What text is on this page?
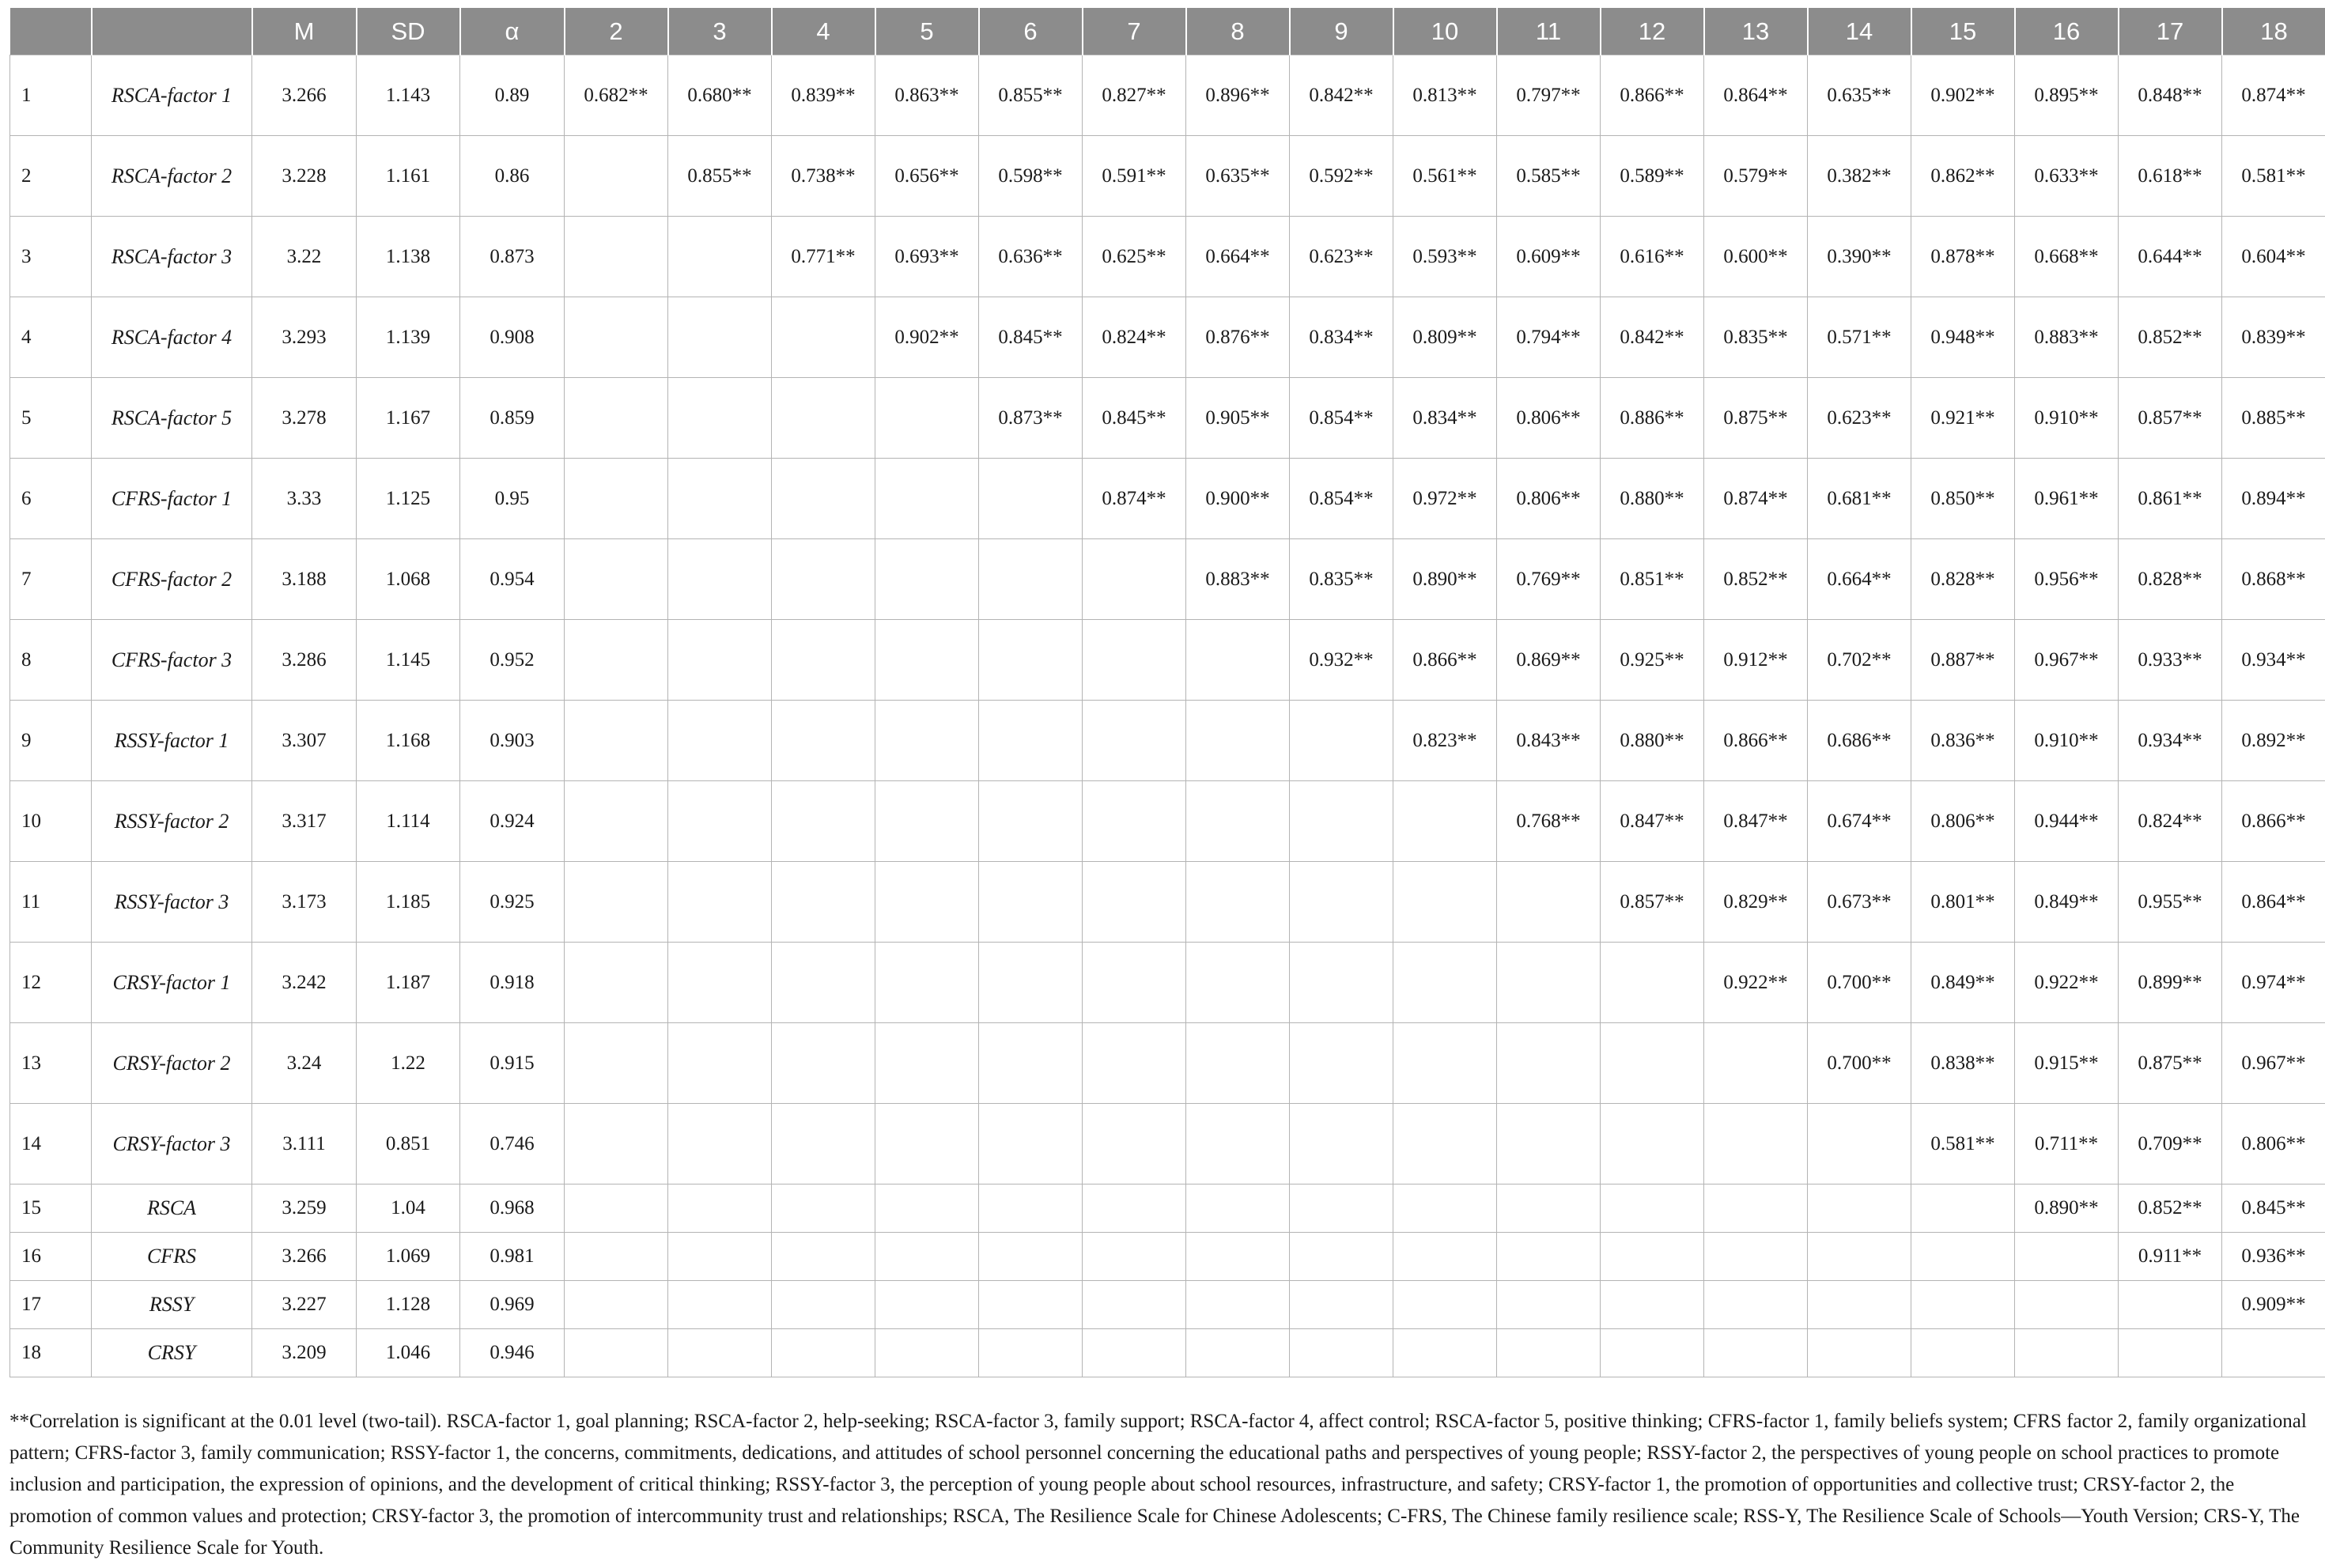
		M	SD	α	2	3	4	5	6	7	8	9	10	11	12	13	14	15	16	17	18
1	RSCA-factor 1	3.266	1.143	0.89	0.682**	0.680**	0.839**	0.863**	0.855**	0.827**	0.896**	0.842**	0.813**	0.797**	0.866**	0.864**	0.635**	0.902**	0.895**	0.848**	0.874**
2	RSCA-factor 2	3.228	1.161	0.86		0.855**	0.738**	0.656**	0.598**	0.591**	0.635**	0.592**	0.561**	0.585**	0.589**	0.579**	0.382**	0.862**	0.633**	0.618**	0.581**
3	RSCA-factor 3	3.22	1.138	0.873			0.771**	0.693**	0.636**	0.625**	0.664**	0.623**	0.593**	0.609**	0.616**	0.600**	0.390**	0.878**	0.668**	0.644**	0.604**
4	RSCA-factor 4	3.293	1.139	0.908				0.902**	0.845**	0.824**	0.876**	0.834**	0.809**	0.794**	0.842**	0.835**	0.571**	0.948**	0.883**	0.852**	0.839**
5	RSCA-factor 5	3.278	1.167	0.859					0.873**	0.845**	0.905**	0.854**	0.834**	0.806**	0.886**	0.875**	0.623**	0.921**	0.910**	0.857**	0.885**
6	CFRS-factor 1	3.33	1.125	0.95						0.874**	0.900**	0.854**	0.972**	0.806**	0.880**	0.874**	0.681**	0.850**	0.961**	0.861**	0.894**
7	CFRS-factor 2	3.188	1.068	0.954							0.883**	0.835**	0.890**	0.769**	0.851**	0.852**	0.664**	0.828**	0.956**	0.828**	0.868**
8	CFRS-factor 3	3.286	1.145	0.952								0.932**	0.866**	0.869**	0.925**	0.912**	0.702**	0.887**	0.967**	0.933**	0.934**
9	RSSY-factor 1	3.307	1.168	0.903									0.823**	0.843**	0.880**	0.866**	0.686**	0.836**	0.910**	0.934**	0.892**
10	RSSY-factor 2	3.317	1.114	0.924										0.768**	0.847**	0.847**	0.674**	0.806**	0.944**	0.824**	0.866**
11	RSSY-factor 3	3.173	1.185	0.925											0.857**	0.829**	0.673**	0.801**	0.849**	0.955**	0.864**
12	CRSY-factor 1	3.242	1.187	0.918												0.922**	0.700**	0.849**	0.922**	0.899**	0.974**
13	CRSY-factor 2	3.24	1.22	0.915													0.700**	0.838**	0.915**	0.875**	0.967**
14	CRSY-factor 3	3.111	0.851	0.746														0.581**	0.711**	0.709**	0.806**
15	RSCA	3.259	1.04	0.968															0.890**	0.852**	0.845**
16	CFRS	3.266	1.069	0.981																0.911**	0.936**
17	RSSY	3.227	1.128	0.969																	0.909**
18	CRSY	3.209	1.046	0.946																	

**Correlation is significant at the 0.01 level (two-tail). RSCA-factor 1, goal planning; RSCA-factor 2, help-seeking; RSCA-factor 3, family support; RSCA-factor 4, affect control; RSCA-factor 5, positive thinking; CFRS-factor 1, family beliefs system; CFRS factor 2, family organizational pattern; CFRS-factor 3, family communication; RSSY-factor 1, the concerns, commitments, dedications, and attitudes of school personnel concerning the educational paths and perspectives of young people; RSSY-factor 2, the perspectives of young people on school practices to promote inclusion and participation, the expression of opinions, and the development of critical thinking; RSSY-factor 3, the perception of young people about school resources, infrastructure, and safety; CRSY-factor 1, the promotion of opportunities and collective trust; CRSY-factor 2, the promotion of common values and protection; CRSY-factor 3, the promotion of intercommunity trust and relationships; RSCA, The Resilience Scale for Chinese Adolescents; C-FRS, The Chinese family resilience scale; RSS-Y, The Resilience Scale of Schools—Youth Version; CRS-Y, The Community Resilience Scale for Youth.
